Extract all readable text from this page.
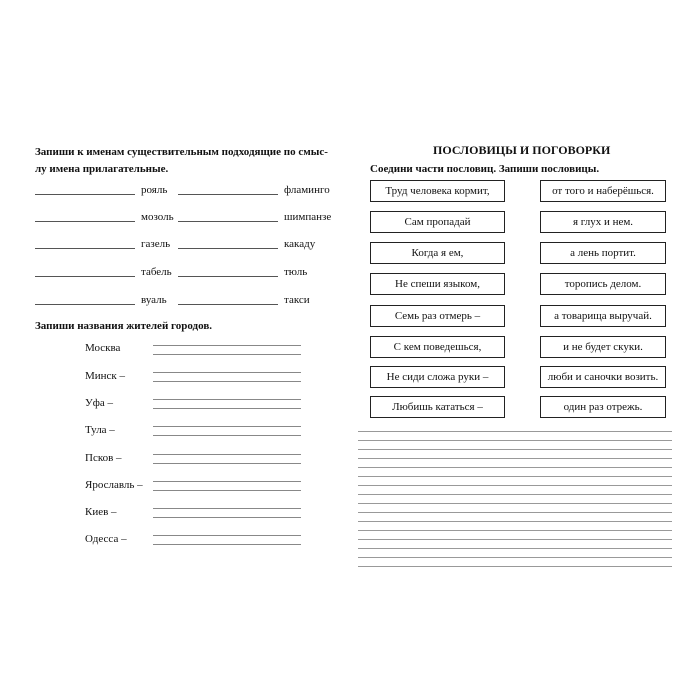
Запиши к именам существительным подходящие по смыс-
лу имена прилагательные.
рояль	фламинго
мозоль	шимпанзе
газель	какаду
табель	тюль
вуаль	такси
Запиши названия жителей городов.
Москва
Минск –
Уфа –
Тула –
Псков –
Ярославль –
Киев –
Одесса –
ПОСЛОВИЦЫ И ПОГОВОРКИ
Соедини части пословиц. Запиши пословицы.
Труд человека кормит,	от того и наберёшься.
Сам пропадай	я глух и нем.
Когда я ем,	а лень портит.
Не спеши языком,	торопись делом.
Семь раз отмерь –	а товарища выручай.
С кем поведешься,	и не будет скуки.
Не сиди сложа руки –	люби и саночки возить.
Любишь кататься –	один раз отрежь.
